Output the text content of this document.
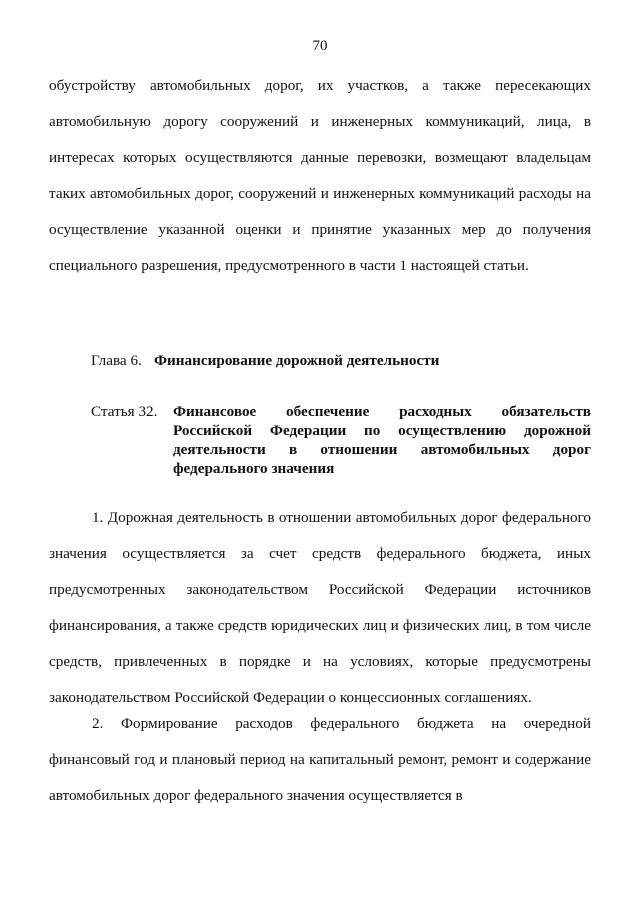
70

обустройству автомобильных дорог, их участков, а также пересекающих автомобильную дорогу сооружений и инженерных коммуникаций, лица, в интересах которых осуществляются данные перевозки, возмещают владельцам таких автомобильных дорог, сооружений и инженерных коммуникаций расходы на осуществление указанной оценки и принятие указанных мер до получения специального разрешения, предусмотренного в части 1 настоящей статьи.

Глава 6. Финансирование дорожной деятельности
Статья 32. Финансовое обеспечение расходных обязательств Российской Федерации по осуществлению дорожной деятельности в отношении автомобильных дорог федерального значения

1. Дорожная деятельность в отношении автомобильных дорог федерального значения осуществляется за счет средств федерального бюджета, иных предусмотренных законодательством Российской Федерации источников финансирования, а также средств юридических лиц и физических лиц, в том числе средств, привлеченных в порядке и на условиях, которые предусмотрены законодательством Российской Федерации о концессионных соглашениях.

2. Формирование расходов федерального бюджета на очередной финансовый год и плановый период на капитальный ремонт, ремонт и содержание автомобильных дорог федерального значения осуществляется в
